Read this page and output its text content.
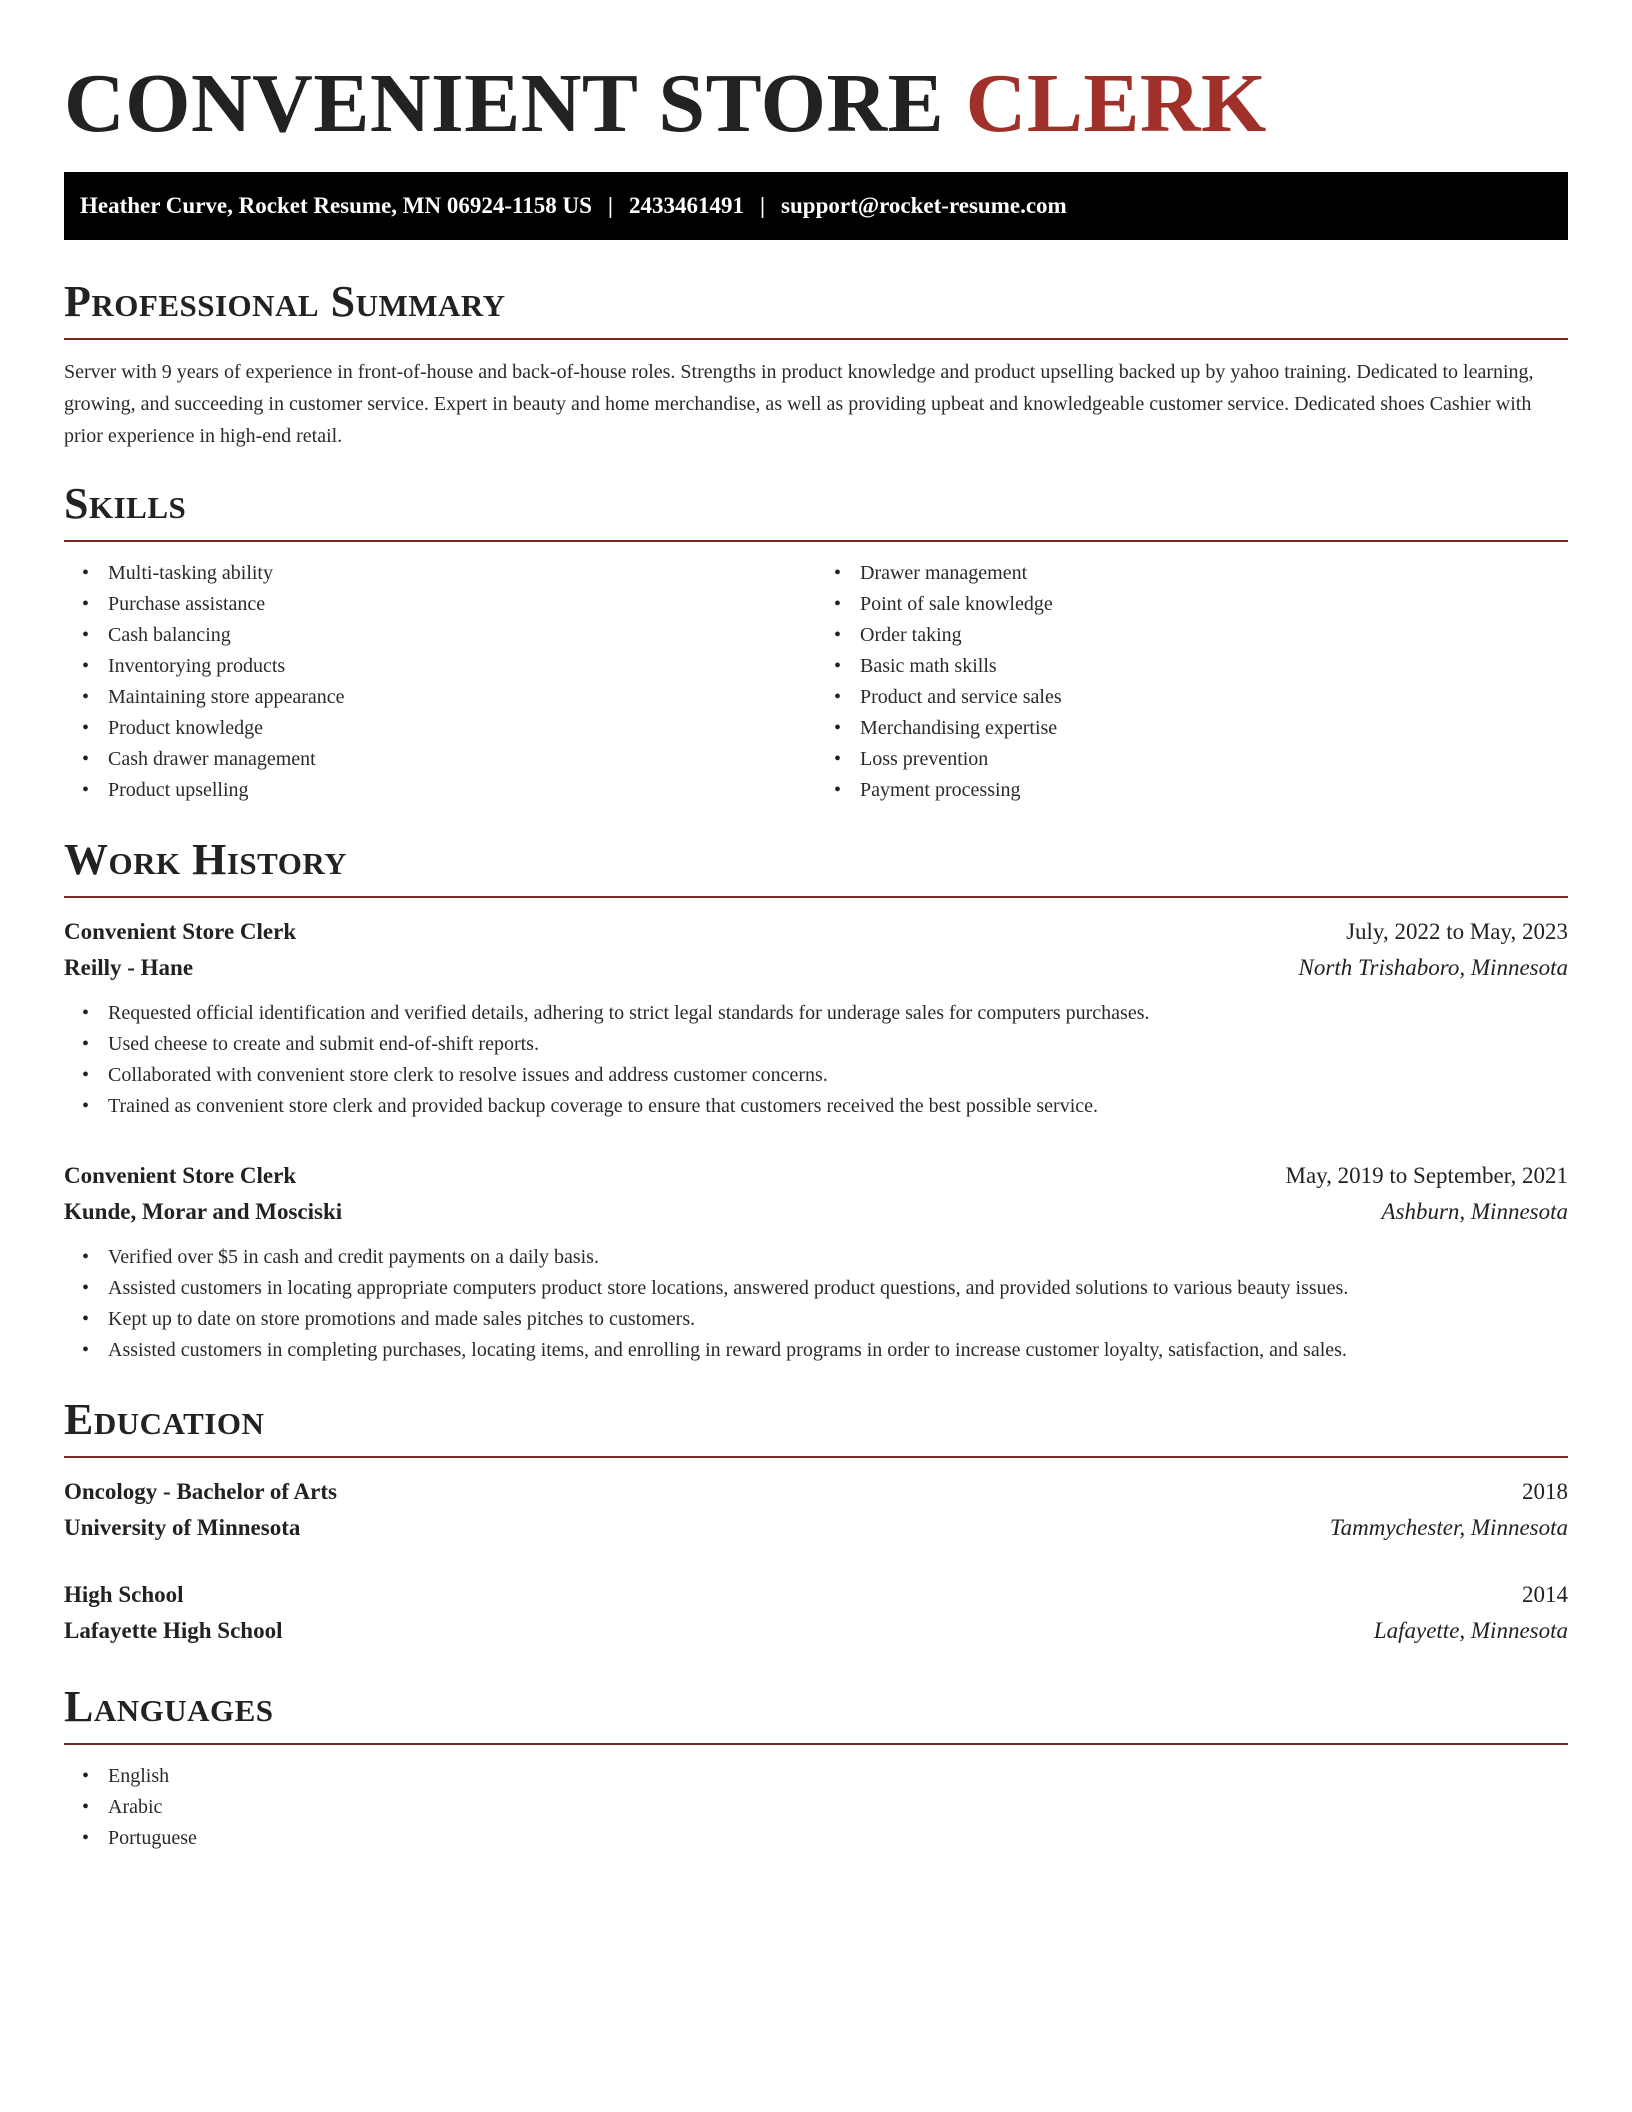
CONVENIENT STORE CLERK
Heather Curve, Rocket Resume, MN 06924-1158 US | 2433461491 | support@rocket-resume.com
Professional Summary

Server with 9 years of experience in front-of-house and back-of-house roles. Strengths in product knowledge and product upselling backed up by yahoo training. Dedicated to learning, growing, and succeeding in customer service. Expert in beauty and home merchandise, as well as providing upbeat and knowledgeable customer service. Dedicated shoes Cashier with prior experience in high-end retail.

Skills
• Multi-tasking ability
• Purchase assistance
• Cash balancing
• Inventorying products
• Maintaining store appearance
• Product knowledge
• Cash drawer management
• Product upselling
• Drawer management
• Point of sale knowledge
• Order taking
• Basic math skills
• Product and service sales
• Merchandising expertise
• Loss prevention
• Payment processing
Work History
Convenient Store Clerk	July, 2022 to May, 2023
Reilly - Hane	North Trishaboro, Minnesota
• Requested official identification and verified details, adhering to strict legal standards for underage sales for computers purchases.
• Used cheese to create and submit end-of-shift reports.
• Collaborated with convenient store clerk to resolve issues and address customer concerns.
• Trained as convenient store clerk and provided backup coverage to ensure that customers received the best possible service.
Convenient Store Clerk	May, 2019 to September, 2021
Kunde, Morar and Mosciski	Ashburn, Minnesota
• Verified over $5 in cash and credit payments on a daily basis.
• Assisted customers in locating appropriate computers product store locations, answered product questions, and provided solutions to various beauty issues.
• Kept up to date on store promotions and made sales pitches to customers.
• Assisted customers in completing purchases, locating items, and enrolling in reward programs in order to increase customer loyalty, satisfaction, and sales.
Education
Oncology - Bachelor of Arts	2018
University of Minnesota	Tammychester, Minnesota
High School	2014
Lafayette High School	Lafayette, Minnesota
Languages
• English
• Arabic
• Portuguese
